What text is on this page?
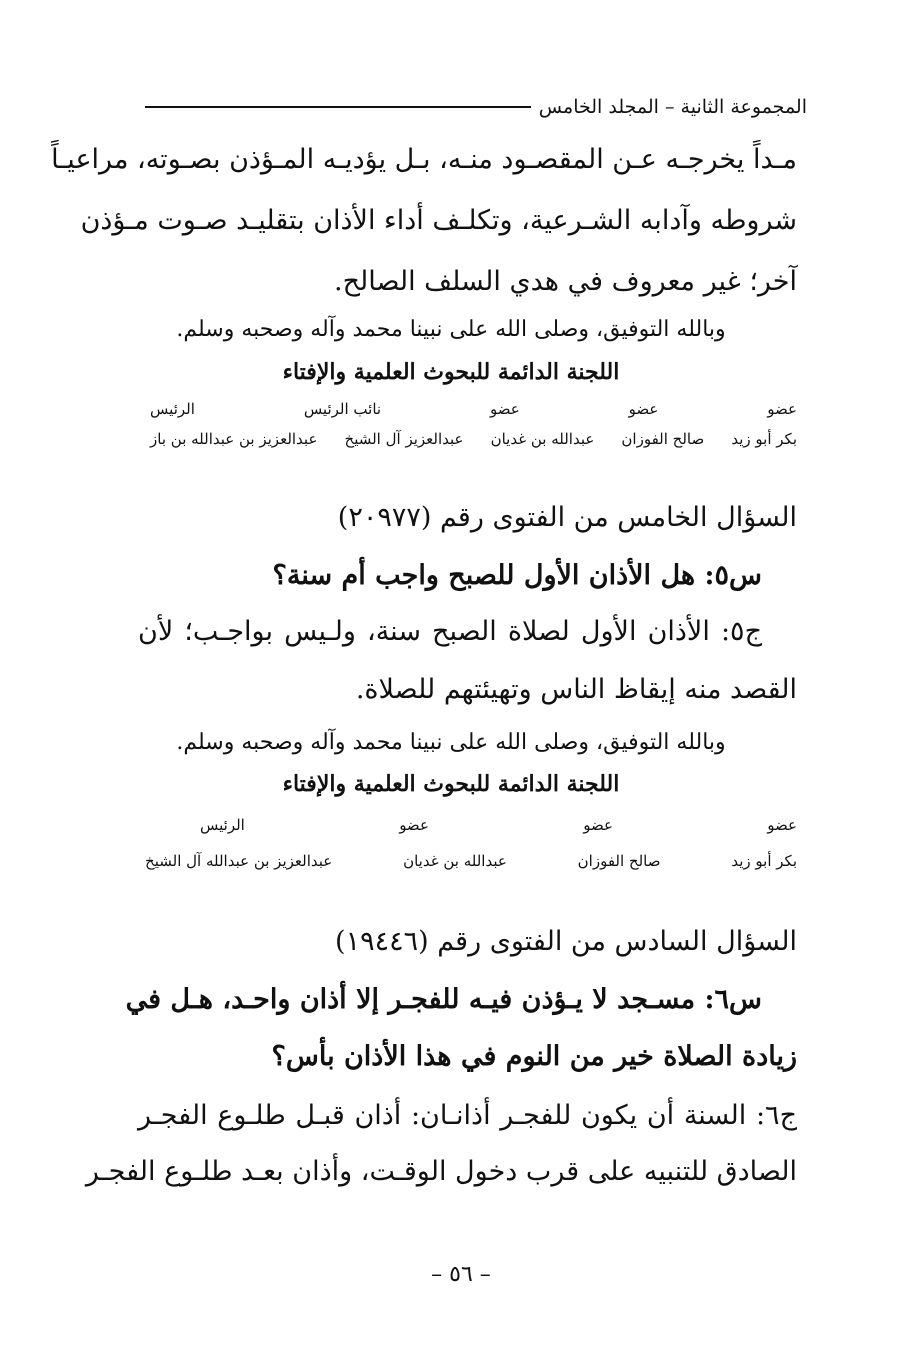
المجموعة الثانية – المجلد الخامس
مـداً يخرجـه عـن المقصـود منـه، بـل يؤديـه المـؤذن بصـوته، مراعيـاً
شروطه وآدابه الشـرعية، وتكلـف أداء الأذان بتقليـد صـوت مـؤذن
آخر؛ غير معروف في هدي السلف الصالح.
وبالله التوفيق، وصلى الله على نبينا محمد وآله وصحبه وسلم.
اللجنة الدائمة للبحوث العلمية والإفتاء
عضو
عضو
عضو
نائب الرئيس
الرئيس
بكر أبو زيد
صالح الفوزان
عبدالله بن غديان
عبدالعزيز آل الشيخ
عبدالعزيز بن عبدالله بن باز
السؤال الخامس من الفتوى رقم (٢٠٩٧٧)
س٥: هل الأذان الأول للصبح واجب أم سنة؟
ج٥: الأذان الأول لصلاة الصبح سنة، ولـيس بواجـب؛ لأن
القصد منه إيقاظ الناس وتهيئتهم للصلاة.
وبالله التوفيق، وصلى الله على نبينا محمد وآله وصحبه وسلم.
اللجنة الدائمة للبحوث العلمية والإفتاء
عضو
عضو
عضو
الرئيس
بكر أبو زيد
صالح الفوزان
عبدالله بن غديان
عبدالعزيز بن عبدالله آل الشيخ
السؤال السادس من الفتوى رقم (١٩٤٤٦)
س٦: مسـجد لا يـؤذن فيـه للفجـر إلا أذان واحـد، هـل في
زيادة الصلاة خير من النوم في هذا الأذان بأس؟
ج٦: السنة أن يكون للفجـر أذانـان: أذان قبـل طلـوع الفجـر
الصادق للتنبيه على قرب دخول الوقـت، وأذان بعـد طلـوع الفجـر
– ٥٦ –
